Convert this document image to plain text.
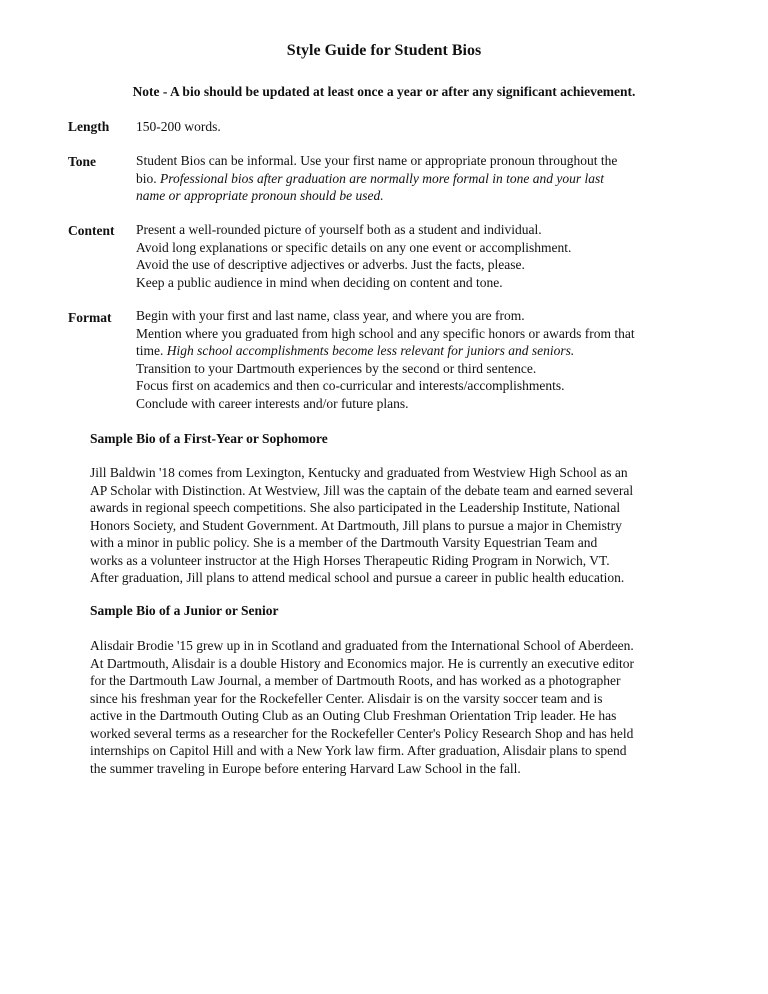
Style Guide for Student Bios
Note - A bio should be updated at least once a year or after any significant achievement.
Length	150-200 words.
Tone	Student Bios can be informal. Use your first name or appropriate pronoun throughout the
bio. Professional bios after graduation are normally more formal in tone and your last
name or appropriate pronoun should be used.
Content	Present a well-rounded picture of yourself both as a student and individual.
Avoid long explanations or specific details on any one event or accomplishment.
Avoid the use of descriptive adjectives or adverbs. Just the facts, please.
Keep a public audience in mind when deciding on content and tone.
Format	Begin with your first and last name, class year, and where you are from.
Mention where you graduated from high school and any specific honors or awards from that
time. High school accomplishments become less relevant for juniors and seniors.
Transition to your Dartmouth experiences by the second or third sentence.
Focus first on academics and then co-curricular and interests/accomplishments.
Conclude with career interests and/or future plans.
Sample Bio of a First-Year or Sophomore
Jill Baldwin '18 comes from Lexington, Kentucky and graduated from Westview High School as an
AP Scholar with Distinction. At Westview, Jill was the captain of the debate team and earned several
awards in regional speech competitions. She also participated in the Leadership Institute, National
Honors Society, and Student Government. At Dartmouth, Jill plans to pursue a major in Chemistry
with a minor in public policy. She is a member of the Dartmouth Varsity Equestrian Team and
works as a volunteer instructor at the High Horses Therapeutic Riding Program in Norwich, VT.
After graduation, Jill plans to attend medical school and pursue a career in public health education.
Sample Bio of a Junior or Senior
Alisdair Brodie '15 grew up in in Scotland and graduated from the International School of Aberdeen.
At Dartmouth, Alisdair is a double History and Economics major. He is currently an executive editor
for the Dartmouth Law Journal, a member of Dartmouth Roots, and has worked as a photographer
since his freshman year for the Rockefeller Center. Alisdair is on the varsity soccer team and is
active in the Dartmouth Outing Club as an Outing Club Freshman Orientation Trip leader. He has
worked several terms as a researcher for the Rockefeller Center's Policy Research Shop and has held
internships on Capitol Hill and with a New York law firm. After graduation, Alisdair plans to spend
the summer traveling in Europe before entering Harvard Law School in the fall.
